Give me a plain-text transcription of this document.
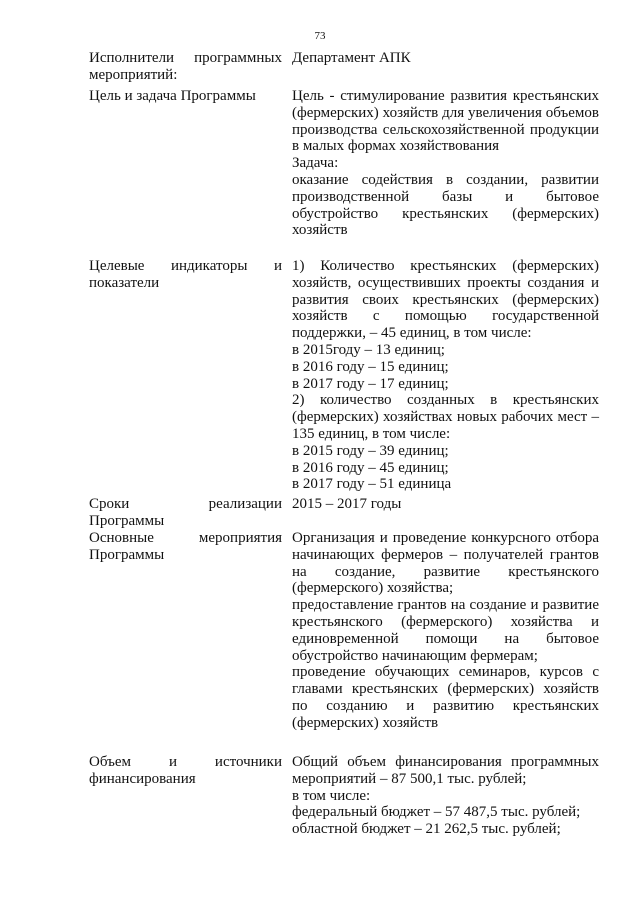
73
Исполнители программных мероприятий:
Департамент АПК
Цель и задача Программы	Цель - стимулирование развития крестьянских (фермерских) хозяйств для увеличения объемов производства сельскохозяйственной продукции в малых формах хозяйствования
Задача:
оказание содействия в создании, развитии производственной базы и бытовое обустройство крестьянских (фермерских) хозяйств
Целевые индикаторы и показатели
1) Количество крестьянских (фермерских) хозяйств, осуществивших проекты создания и развития своих крестьянских (фермерских) хозяйств с помощью государственной поддержки, – 45 единиц, в том числе:
в 2015году – 13 единиц;
в 2016 году – 15 единиц;
в 2017 году – 17 единиц;
2) количество созданных в крестьянских (фермерских) хозяйствах новых рабочих мест – 135 единиц, в том числе:
в 2015 году – 39 единиц;
в 2016 году – 45 единиц;
в 2017 году – 51 единица
Сроки реализации Программы
2015 – 2017 годы
Основные мероприятия Программы
Организация и проведение конкурсного отбора начинающих фермеров – получателей грантов на создание, развитие крестьянского (фермерского) хозяйства;
предоставление грантов на создание и развитие крестьянского (фермерского) хозяйства и единовременной помощи на бытовое обустройство начинающим фермерам;
проведение обучающих семинаров, курсов с главами крестьянских (фермерских) хозяйств по созданию и развитию крестьянских (фермерских) хозяйств
Объем и источники финансирования
Общий объем финансирования программных мероприятий – 87 500,1 тыс. рублей;
в том числе:
федеральный бюджет – 57 487,5 тыс. рублей;
областной бюджет – 21 262,5 тыс. рублей;
